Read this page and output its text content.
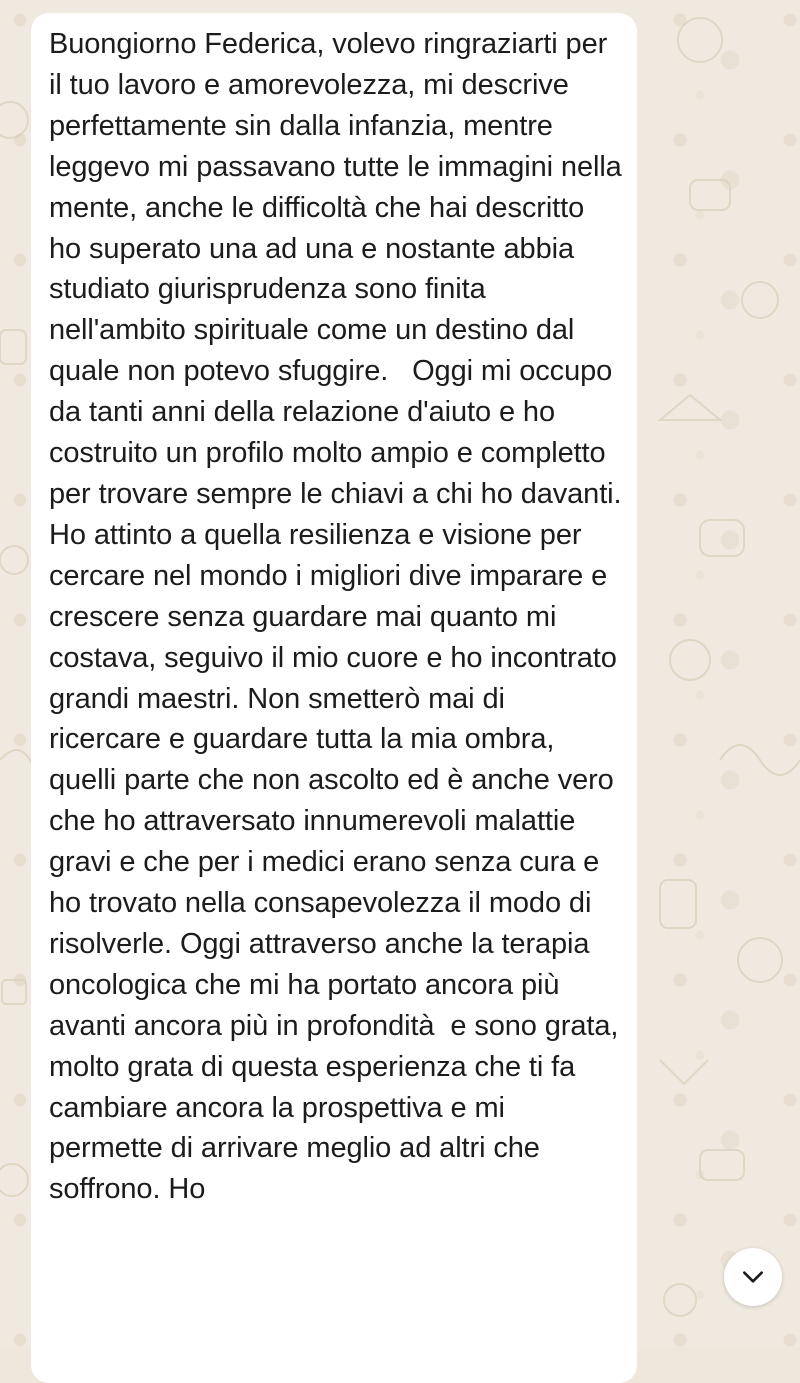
Buongiorno Federica, volevo ringraziarti per il tuo lavoro e amorevolezza, mi descrive perfettamente sin dalla infanzia, mentre leggevo mi passavano tutte le immagini nella mente, anche le difficoltà che hai descritto ho superato una ad una e nostante abbia studiato giurisprudenza sono finita nell'ambito spirituale come un destino dal quale non potevo sfuggire.   Oggi mi occupo da tanti anni della relazione d'aiuto e ho costruito un profilo molto ampio e completto per trovare sempre le chiavi a chi ho davanti. Ho attinto a quella resilienza e visione per cercare nel mondo i migliori dive imparare e crescere senza guardare mai quanto mi costava, seguivo il mio cuore e ho incontrato grandi maestri. Non smetterò mai di ricercare e guardare tutta la mia ombra, quelli parte che non ascolto ed è anche vero che ho attraversato innumerevoli malattie gravi e che per i medici erano senza cura e ho trovato nella consapevolezza il modo di risolverle. Oggi attraverso anche la terapia oncologica che mi ha portato ancora più avanti ancora più in profondità  e sono grata, molto grata di questa esperienza che ti fa cambiare ancora la prospettiva e mi permette di arrivare meglio ad altri che soffrono. Ho
